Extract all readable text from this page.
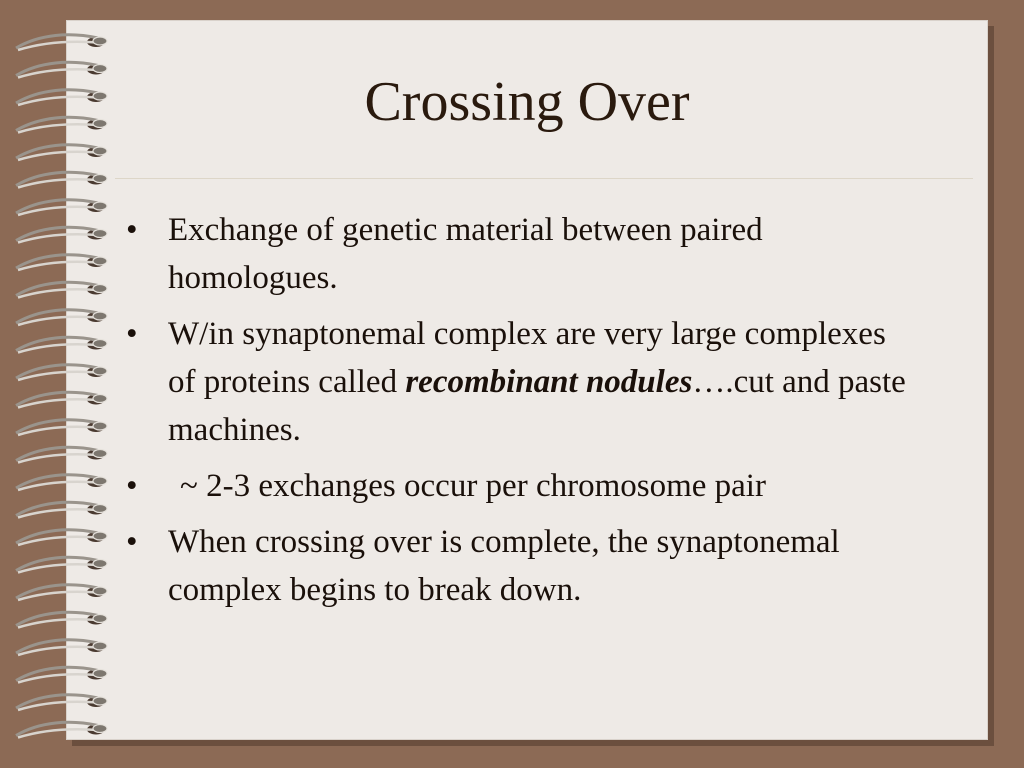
Crossing Over
• Exchange of genetic material between paired homologues.
• W/in synaptonemal complex are very large complexes of proteins called recombinant nodules….cut and paste machines.
• ~ 2-3 exchanges occur per chromosome pair
• When crossing over is complete, the synaptonemal complex begins to break down.
